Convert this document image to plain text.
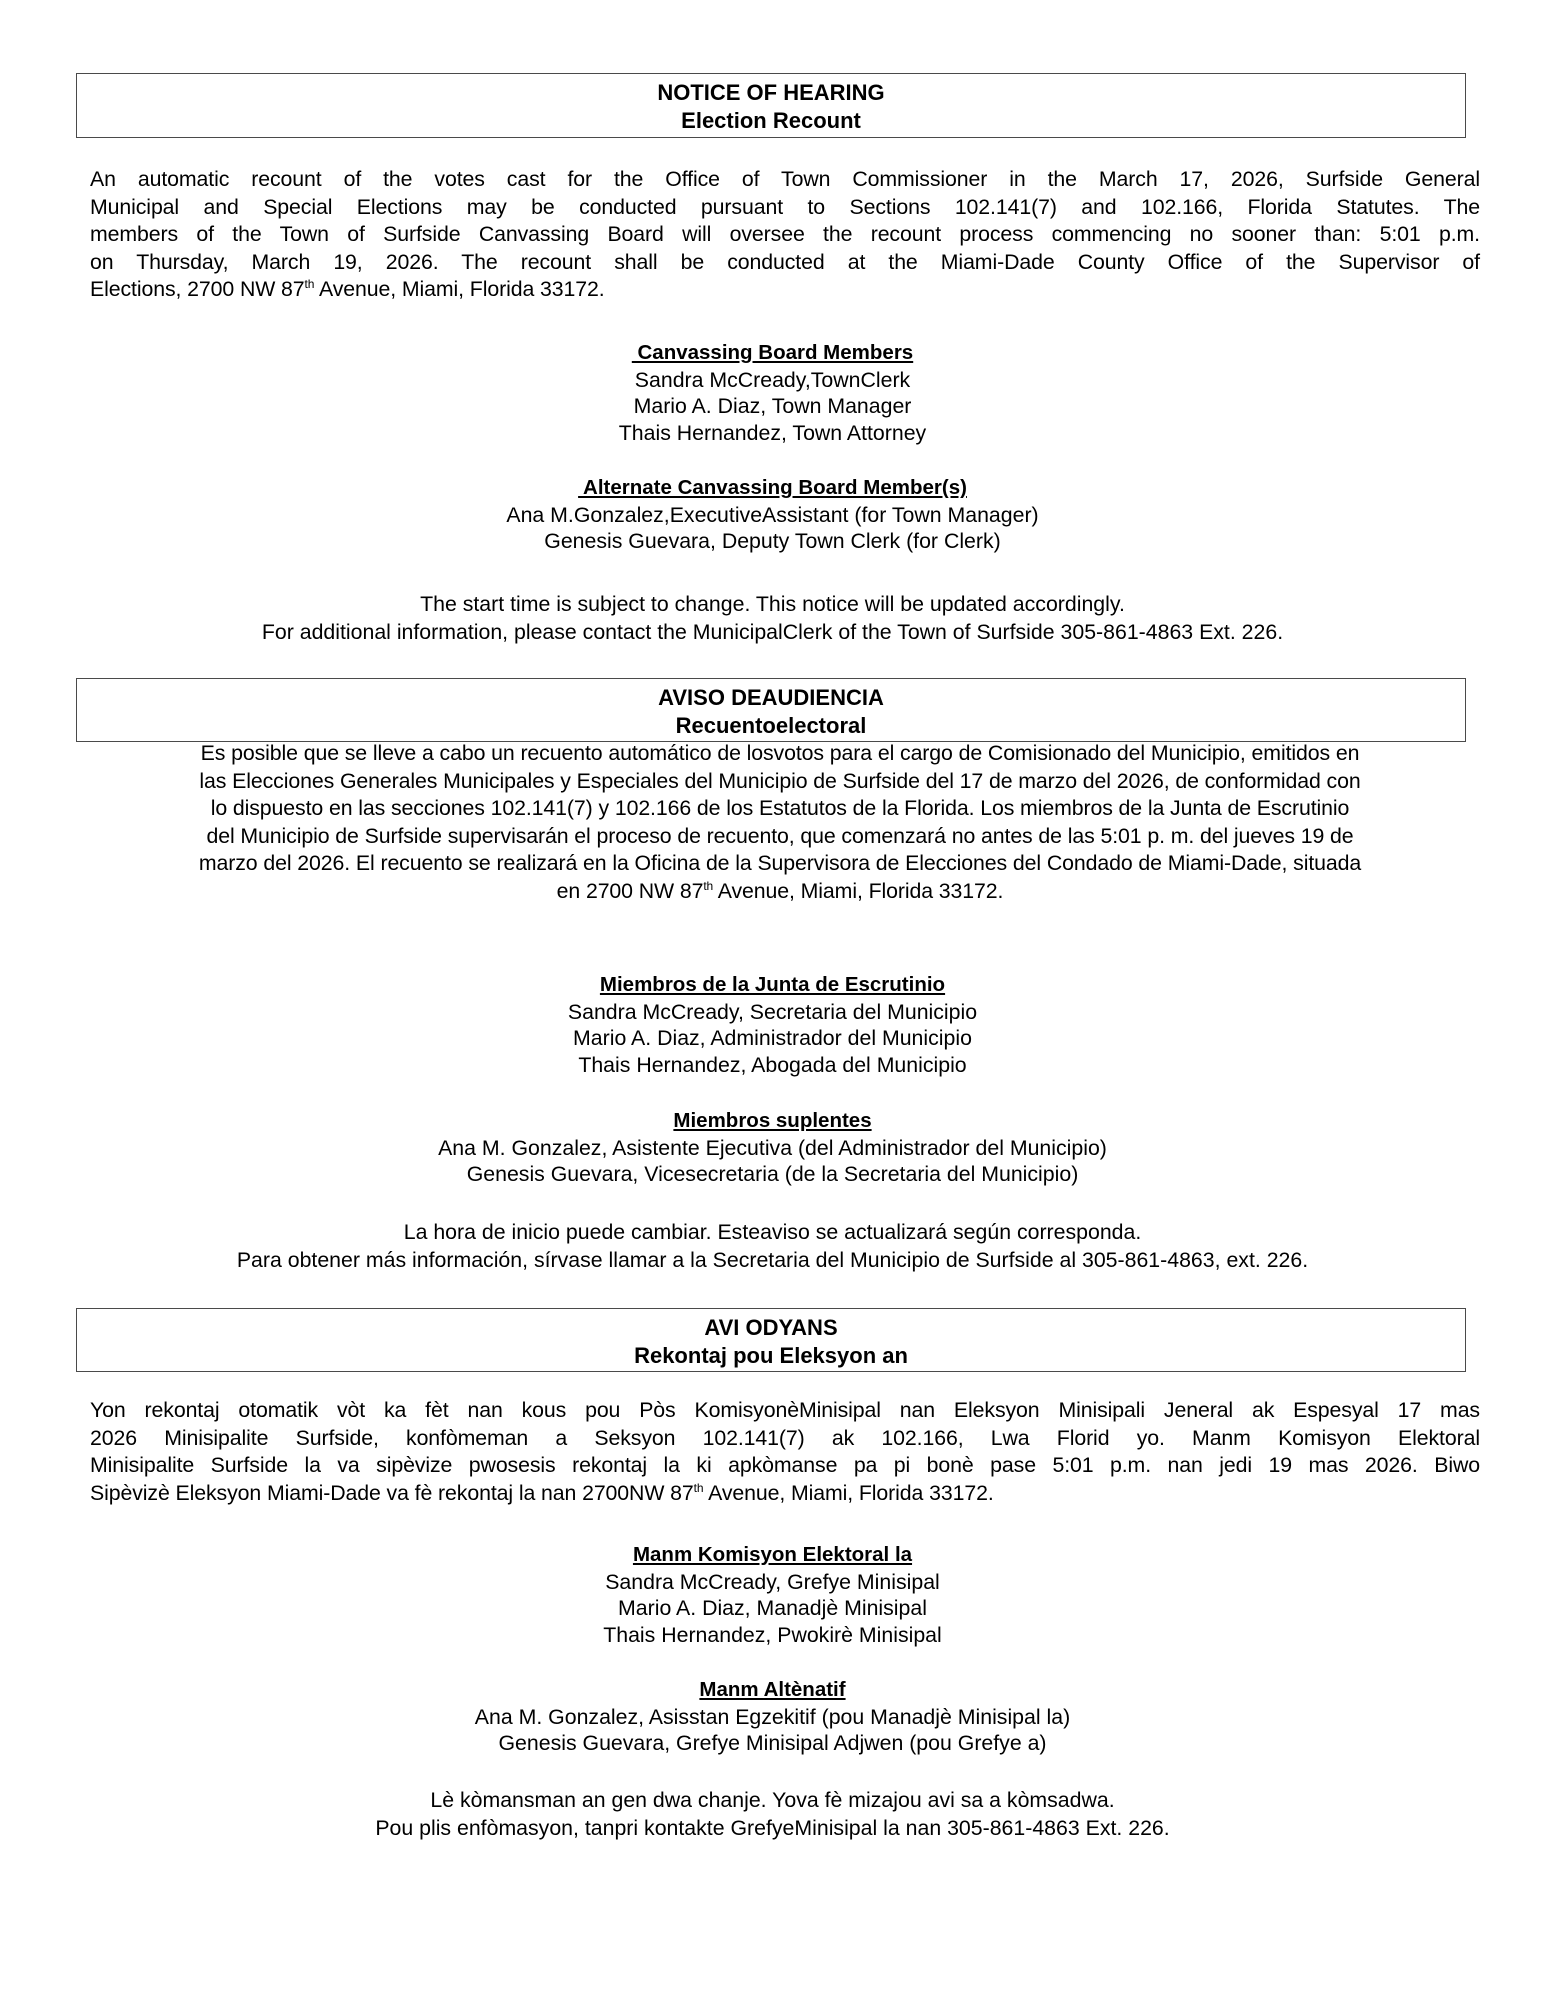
NOTICE OF HEARING
Election Recount
An automatic recount of the votes cast for the Office of Town Commissioner in the March 17, 2026, Surfside General
Municipal and Special Elections may be conducted pursuant to Sections 102.141(7) and 102.166, Florida Statutes. The
members of the Town of Surfside Canvassing Board will oversee the recount process commencing no sooner than: 5:01 p.m.
on Thursday, March 19, 2026. The recount shall be conducted at the Miami-Dade County Office of the Supervisor of
Elections, 2700 NW 87th Avenue, Miami, Florida 33172.
Canvassing Board Members
Sandra McCready,TownClerk
Mario A. Diaz, Town Manager
Thais Hernandez, Town Attorney
Alternate Canvassing Board Member(s)
Ana M.Gonzalez,ExecutiveAssistant (for Town Manager)
Genesis Guevara, Deputy Town Clerk (for Clerk)
The start time is subject to change. This notice will be updated accordingly.
For additional information, please contact the MunicipalClerk of the Town of Surfside 305-861-4863 Ext. 226.
AVISO DEAUDIENCIA
Recuentoelectoral
Es posible que se lleve a cabo un recuento automático de losvotos para el cargo de Comisionado del Municipio, emitidos en
las Elecciones Generales Municipales y Especiales del Municipio de Surfside del 17 de marzo del 2026, de conformidad con
lo dispuesto en las secciones 102.141(7) y 102.166 de los Estatutos de la Florida. Los miembros de la Junta de Escrutinio
del Municipio de Surfside supervisarán el proceso de recuento, que comenzará no antes de las 5:01 p. m. del jueves 19 de
marzo del 2026. El recuento se realizará en la Oficina de la Supervisora de Elecciones del Condado de Miami-Dade, situada
en 2700 NW 87th Avenue, Miami, Florida 33172.
Miembros de la Junta de Escrutinio
Sandra McCready, Secretaria del Municipio
Mario A. Diaz, Administrador del Municipio
Thais Hernandez, Abogada del Municipio
Miembros suplentes
Ana M. Gonzalez, Asistente Ejecutiva (del Administrador del Municipio)
Genesis Guevara, Vicesecretaria (de la Secretaria del Municipio)
La hora de inicio puede cambiar. Esteaviso se actualizará según corresponda.
Para obtener más información, sírvase llamar a la Secretaria del Municipio de Surfside al 305-861-4863, ext. 226.
AVI ODYANS
Rekontaj pou Eleksyon an
Yon rekontaj otomatik vòt ka fèt nan kous pou Pòs KomisyonèMinisipal nan Eleksyon Minisipali Jeneral ak Espesyal 17 mas
2026 Minisipalite Surfside, konfòmeman a Seksyon 102.141(7) ak 102.166, Lwa Florid yo. Manm Komisyon Elektoral
Minisipalite Surfside la va sipèvize pwosesis rekontaj la ki apkòmanse pa pi bonè pase 5:01 p.m. nan jedi 19 mas 2026. Biwo
Sipèvizè Eleksyon Miami-Dade va fè rekontaj la nan 2700NW 87th Avenue, Miami, Florida 33172.
Manm Komisyon Elektoral la
Sandra McCready, Grefye Minisipal
Mario A. Diaz, Manadjè Minisipal
Thais Hernandez, Pwokirè Minisipal
Manm Altènatif
Ana M. Gonzalez, Asisstan Egzekitif (pou Manadjè Minisipal la)
Genesis Guevara, Grefye Minisipal Adjwen (pou Grefye a)
Lè kòmansman an gen dwa chanje. Yova fè mizajou avi sa a kòmsadwa.
Pou plis enfòmasyon, tanpri kontakte GrefyeMinisipal la nan 305-861-4863 Ext. 226.
